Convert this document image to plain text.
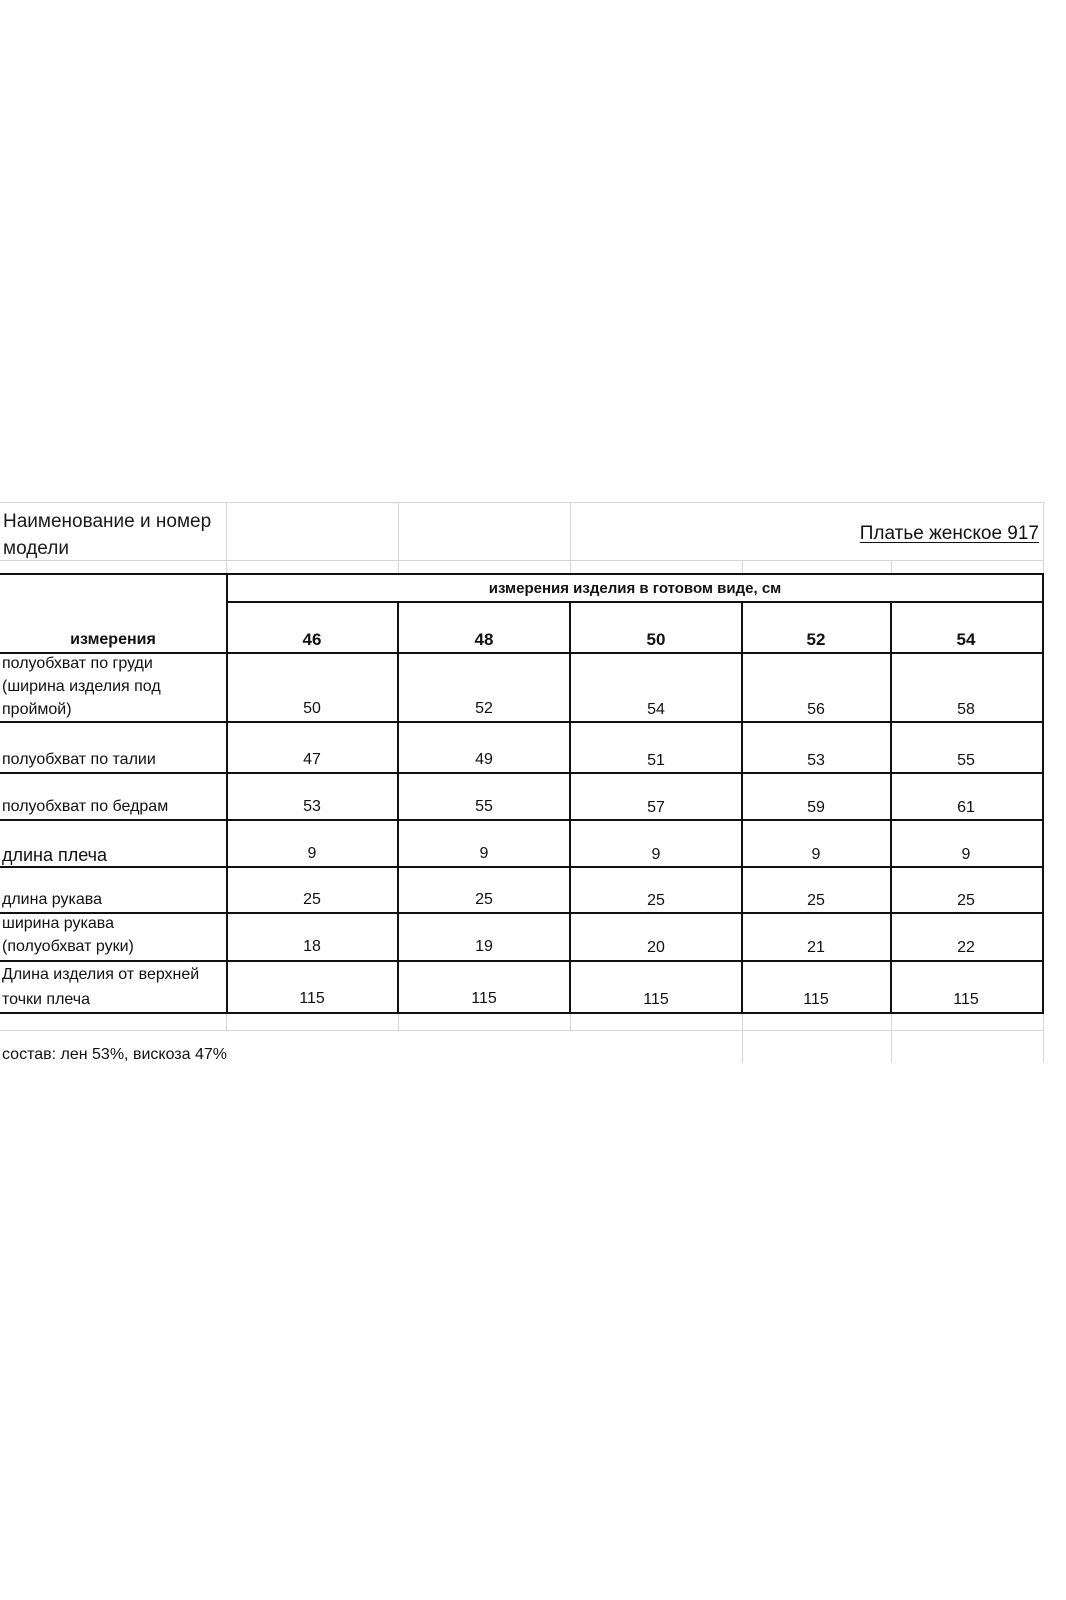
Наименование и номер
модели
Платье женское 917
измерения изделия в готовом виде, см
измерения	46	48	50	52	54
полуобхват по груди
(ширина изделия под
проймой)	50	52	54	56	58
полуобхват по талии	47	49	51	53	55
полуобхват по бедрам	53	55	57	59	61
длина плеча	9	9	9	9	9
длина рукава	25	25	25	25	25
ширина рукава
(полуобхват руки)	18	19	20	21	22
Длина изделия от верхней
точки плеча	115	115	115	115	115
состав: лен 53%, вискоза 47%
